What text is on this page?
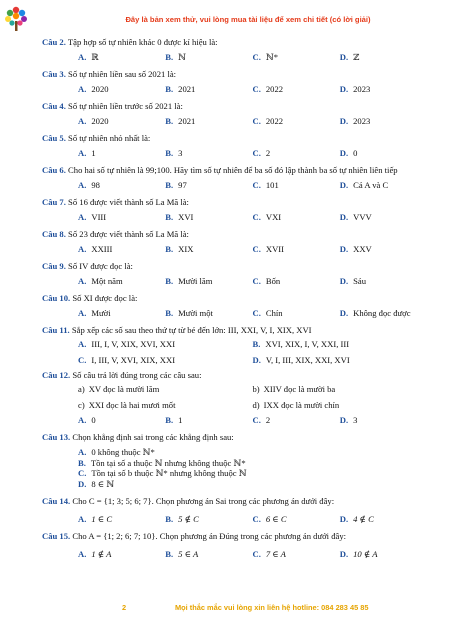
Đây là bản xem thử, vui lòng mua tài liệu để xem chi tiết (có lời giải)
Câu 2. Tập hợp số tự nhiên khác 0 được kí hiệu là:
A. ℝ	B. ℕ	C. ℕ*	D. ℤ
Câu 3. Số tự nhiên liền sau số 2021 là:
A. 2020	B. 2021	C. 2022	D. 2023
Câu 4. Số tự nhiên liền trước số 2021 là:
A. 2020	B. 2021	C. 2022	D. 2023
Câu 5. Số tự nhiên nhỏ nhất là:
A. 1	B. 3	C. 2	D. 0
Câu 6. Cho hai số tự nhiên là 99;100. Hãy tìm số tự nhiên để ba số đó lập thành ba số tự nhiên liên tiếp
A. 98	B. 97	C. 101	D. Cả A và C
Câu 7. Số 16 được viết thành số La Mã là:
A. VIII	B. XVI	C. VXI	D. VVV
Câu 8. Số 23 được viết thành số La Mã là:
A. XXIII	B. XIX	C. XVII	D. XXV
Câu 9. Số IV được đọc là:
A. Một năm	B. Mười lăm	C. Bốn	D. Sáu
Câu 10. Số XI được đọc là:
A. Mười	B. Mười một	C. Chín	D. Không đọc được
Câu 11. Sắp xếp các số sau theo thứ tự từ bé đến lớn: III, XXI, V, I, XIX, XVI
A. III, I, V, XIX, XVI, XXI	B. XVI, XIX, I, V, XXI, III
C. I, III, V, XVI, XIX, XXI	D. V, I, III, XIX, XXI, XVI
Câu 12. Số câu trả lời đúng trong các câu sau:
a) XV đọc là mười lăm	b) XIIV đọc là mười ba
c) XXI đọc là hai mươi mốt	d) IXX đọc là mười chín
A. 0	B. 1	C. 2	D. 3
Câu 13. Chọn khẳng định sai trong các khẳng định sau:
A. 0 không thuộc ℕ*
B. Tồn tại số a thuộc ℕ nhưng không thuộc ℕ*
C. Tồn tại số b thuộc ℕ* nhưng không thuộc ℕ
D. 8 ∈ ℕ
Câu 14. Cho C = {1; 3; 5; 6; 7}. Chọn phương án Sai trong các phương án dưới đây:
A. 1 ∈ C	B. 5 ∉ C	C. 6 ∈ C	D. 4 ∉ C
Câu 15. Cho A = {1; 2; 6; 7; 10}. Chọn phương án Đúng trong các phương án dưới đây:
A. 1 ∉ A	B. 5 ∈ A	C. 7 ∈ A	D. 10 ∉ A
2	Mọi thắc mắc vui lòng xin liên hệ hotline: 084 283 45 85
